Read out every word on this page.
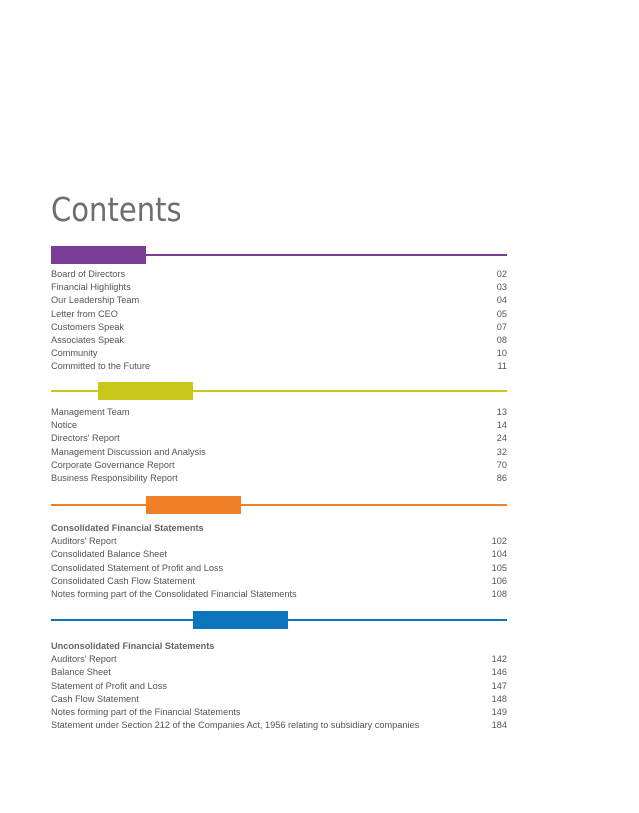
Contents
Board of Directors	02
Financial Highlights	03
Our Leadership Team	04
Letter from CEO	05
Customers Speak	07
Associates Speak	08
Community	10
Committed to the Future	11
Management Team	13
Notice	14
Directors' Report	24
Management Discussion and Analysis	32
Corporate Governance Report	70
Business Responsibility Report	86
Consolidated Financial Statements
Auditors' Report	102
Consolidated Balance Sheet	104
Consolidated Statement of Profit and Loss	105
Consolidated Cash Flow Statement	106
Notes forming part of the Consolidated Financial Statements	108
Unconsolidated Financial Statements
Auditors' Report	142
Balance Sheet	146
Statement of Profit and Loss	147
Cash Flow Statement	148
Notes forming part of the Financial Statements	149
Statement under Section 212 of the Companies Act, 1956 relating to subsidiary companies	184
